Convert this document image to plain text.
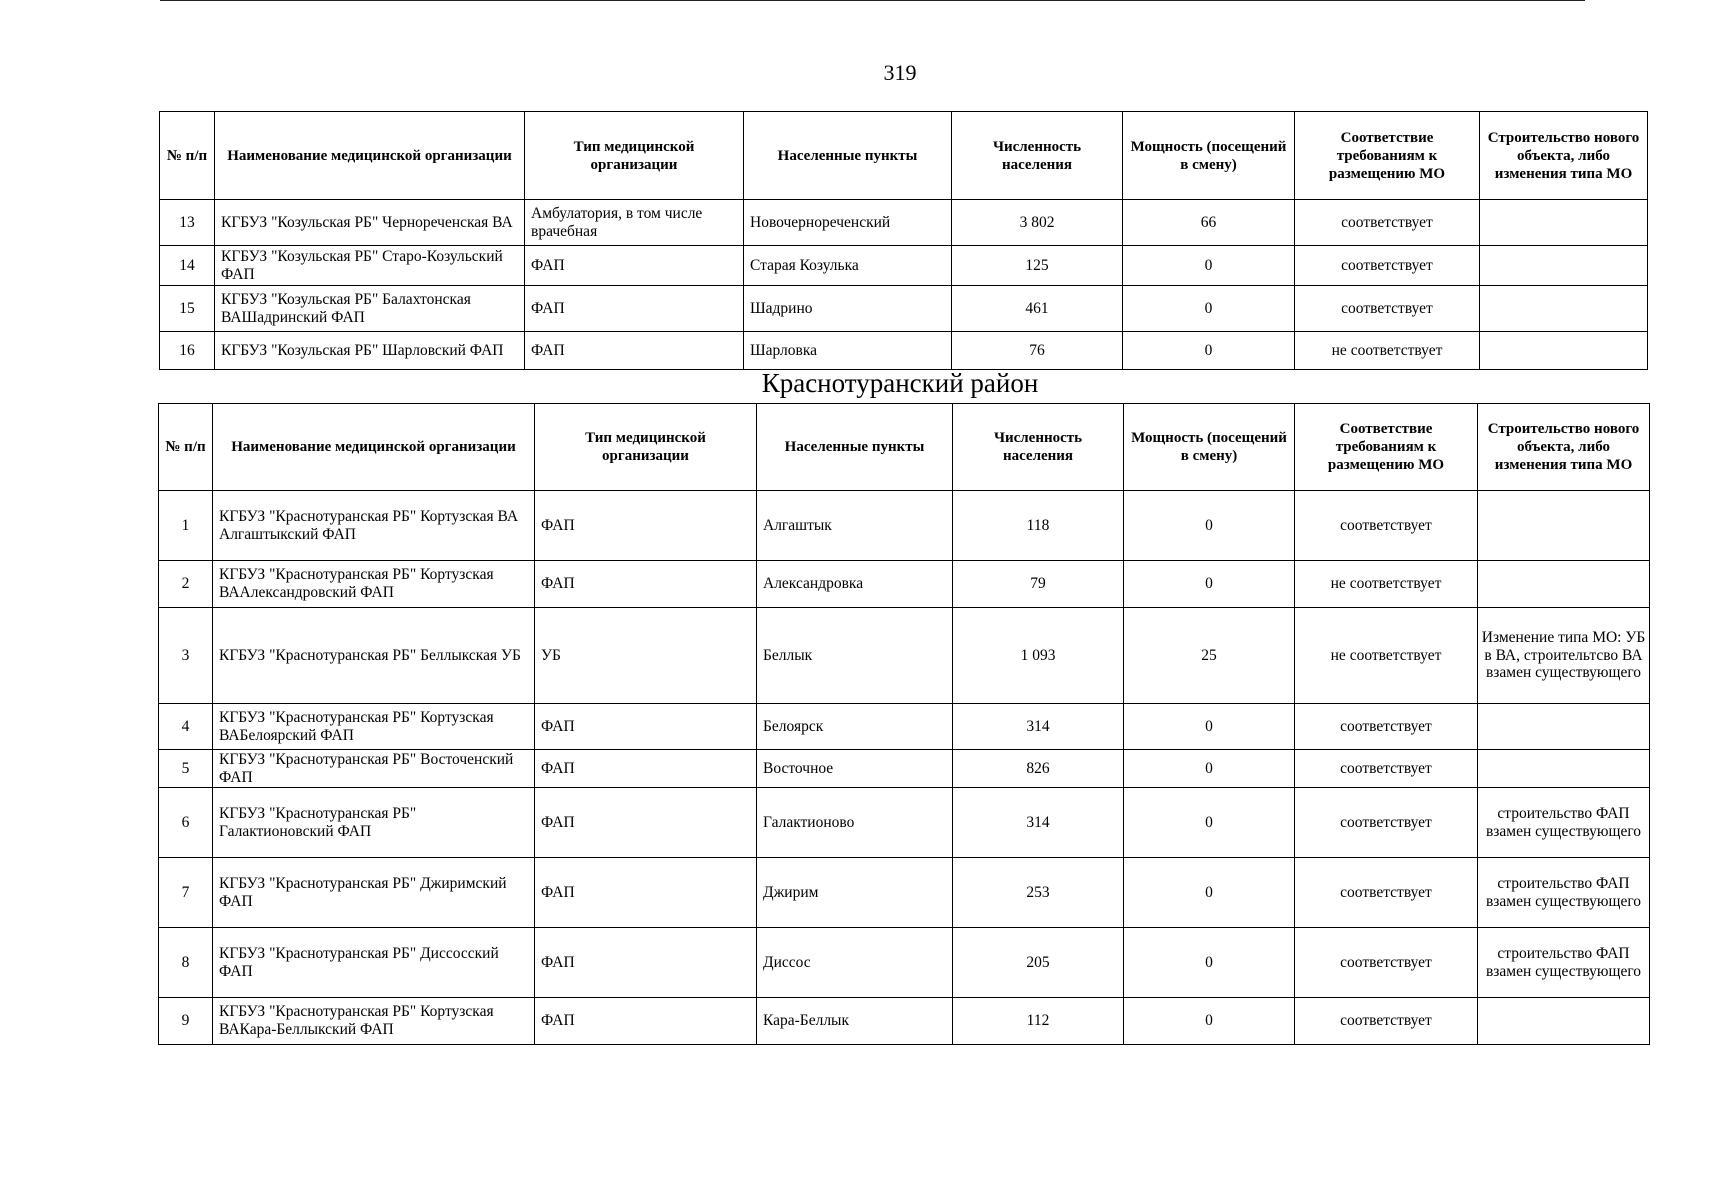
319
№ п/п	Наименование медицинской организации	Тип медицинской организации	Населенные пункты	Численность населения	Мощность (посещений в смену)	Соответствие требованиям к размещению МО	Строительство нового объекта, либо изменения типа МО
13	КГБУЗ "Козульская РБ" Чернореченская ВА	Амбулатория, в том числе врачебная	Новочернореченский	3 802	66	соответствует	
14	КГБУЗ "Козульская РБ" Старо-Козульский ФАП	ФАП	Старая Козулька	125	0	соответствует	
15	КГБУЗ "Козульская РБ" Балахтонская ВАШадринский ФАП	ФАП	Шадрино	461	0	соответствует	
16	КГБУЗ "Козульская РБ" Шарловский ФАП	ФАП	Шарловка	76	0	не соответствует	
Краснотуранский район
№ п/п	Наименование медицинской организации	Тип медицинской организации	Населенные пункты	Численность населения	Мощность (посещений в смену)	Соответствие требованиям к размещению МО	Строительство нового объекта, либо изменения типа МО
1	КГБУЗ "Краснотуранская РБ" Кортузская ВА Алгаштыкский ФАП	ФАП	Алгаштык	118	0	соответствует	
2	КГБУЗ "Краснотуранская РБ" Кортузская ВААлександровский ФАП	ФАП	Александровка	79	0	не соответствует	
3	КГБУЗ "Краснотуранская РБ" Беллыкская УБ	УБ	Беллык	1 093	25	не соответствует	Изменение типа МО: УБ в ВА, строительтсво ВА взамен существующего
4	КГБУЗ "Краснотуранская РБ" Кортузская ВАБелоярский ФАП	ФАП	Белоярск	314	0	соответствует	
5	КГБУЗ "Краснотуранская РБ" Восточенский ФАП	ФАП	Восточное	826	0	соответствует	
6	КГБУЗ "Краснотуранская РБ" Галактионовский ФАП	ФАП	Галактионово	314	0	соответствует	строительство ФАП взамен существующего
7	КГБУЗ "Краснотуранская РБ" Джиримский ФАП	ФАП	Джирим	253	0	соответствует	строительство ФАП взамен существующего
8	КГБУЗ "Краснотуранская РБ" Диссосский ФАП	ФАП	Диссос	205	0	соответствует	строительство ФАП взамен существующего
9	КГБУЗ "Краснотуранская РБ" Кортузская ВАКара-Беллыкский ФАП	ФАП	Кара-Беллык	112	0	соответствует	
